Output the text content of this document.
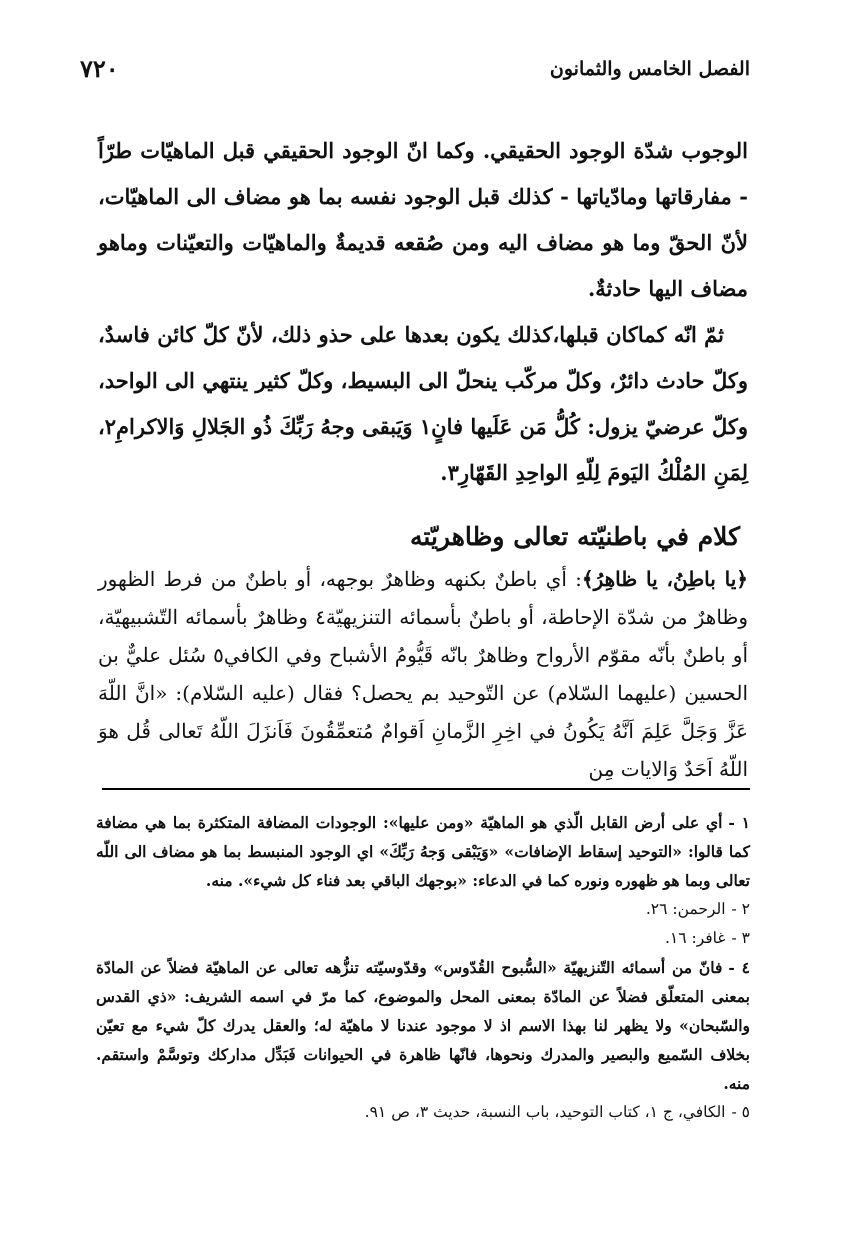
الفصل الخامس والثمانون
٧٢٠

الوجوب شدّة الوجود الحقيقي. وكما انّ الوجود الحقيقي قبل الماهيّات طرّاً - مفارقاتها ومادّياتها - كذلك قبل الوجود نفسه بما هو مضاف الى الماهيّات، لأنّ الحقّ وما هو مضاف اليه ومن صُقعه قديمةٌ والماهيّات والتعيّنات وماهو مضاف اليها حادثةٌ.

ثمّ انّه كماكان قبلها،كذلك يكون بعدها على حذو ذلك، لأنّ كلّ كائن فاسدٌ، وكلّ حادث دائرٌ، وكلّ مركّب ينحلّ الى البسيط، وكلّ كثير ينتهي الى الواحد، وكلّ عرضيّ يزول: كُلُّ مَن عَلَيها فانٍ١ وَيَبقى وجهُ رَبِّكَ ذُو الجَلالِ وَالاكرامِ٢، لِمَنِ المُلْكُ اليَومَ لِلّهِ الواحِدِ القَهّارِ٣.

كلام في باطنيّته تعالى وظاهريّته

﴿يا باطِنُ، يا ظاهِرُ﴾: أي باطنٌ بكنهه وظاهرٌ بوجهه، أو باطنٌ من فرط الظهور وظاهرٌ من شدّة الإحاطة، أو باطنٌ بأسمائه التنزيهيّة٤ وظاهرٌ بأسمائه التّشبيهيّة، أو باطنٌ بأنّه مقوّم الأرواح وظاهرٌ بانّه قَيُّومُ الأشباح وفي الكافي٥ سُئل عليٌّ بن الحسين (عليهما السّلام) عن التّوحيد بم يحصل؟ فقال (عليه السّلام): «انَّ اللّهَ عَزَّ وَجَلَّ عَلِمَ اَنَّهُ يَكُونُ في اخِرِ الزَّمانِ اَقوامٌ مُتعمِّقُونَ فَاَنزَلَ اللّهُ تَعالى قُل هوَ اللّهُ اَحَدٌ وَالايات مِن

١ -أي على أرض القابل الّذي هو الماهيّة «ومن عليها»: الوجودات المضافة المتكثرة بما هي مضافة كما قالوا: «التوحيد إسقاط الإضافات» «وَيَبْقى وَجهُ رَبِّكَ» اي الوجود المنبسط بما هو مضاف الى اللّه تعالى وبما هو ظهوره ونوره كما في الدعاء: «بوجهك الباقي بعد فناء كل شيء». منه.

٢ -الرحمن: ٢٦.

٣ -غافر: ١٦.

٤ -فانّ من أسمائه التّنزيهيّة «السُّبوح القُدّوس» وقدّوسيّته تنزُّهه تعالى عن الماهيّة فضلاً عن المادّة بمعنى المتعلّق فضلاً عن المادّة بمعنى المحل والموضوع، كما مرّ في اسمه الشريف: «ذي القدس والسّبحان» ولا يظهر لنا بهذا الاسم اذ لا موجود عندنا لا ماهيّة له؛ والعقل يدرك كلّ شيء مع تعيّن بخلاف السّميع والبصير والمدرك ونحوها، فانّها ظاهرة في الحيوانات فَبَدِّل مداركك وتوسَّمْ واستقم. منه.

٥ -الكافي، ج ١، كتاب التوحيد، باب النسبة، حديث ٣، ص ٩١.
